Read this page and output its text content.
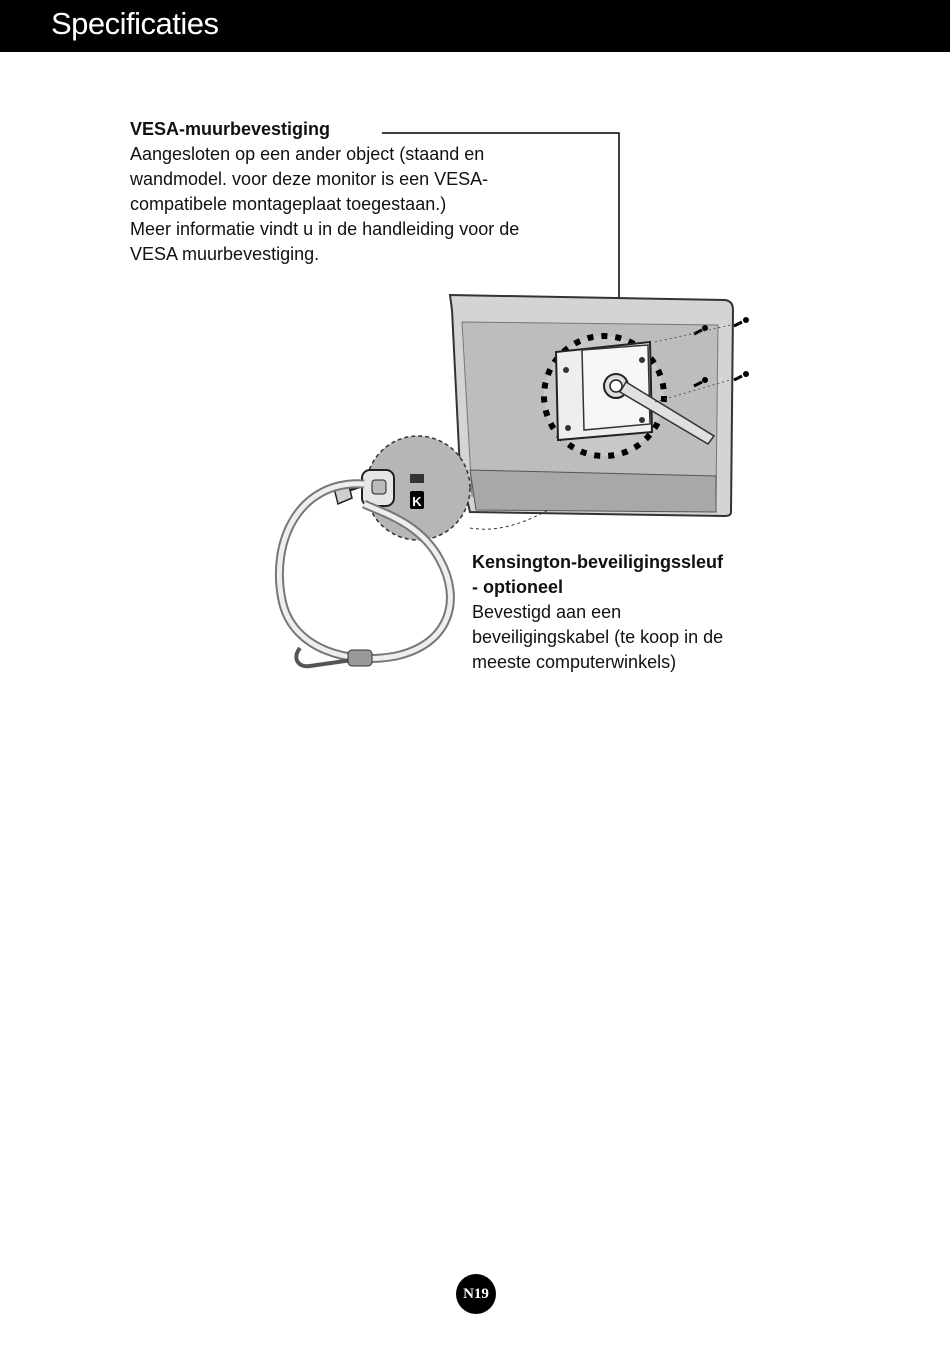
Specificaties
VESA-muurbevestiging
Aangesloten op een ander object (staand en
wandmodel. voor deze monitor is een VESA-
compatibele montageplaat toegestaan.)
Meer informatie vindt u in de handleiding voor de
VESA muurbevestiging.
K
Kensington-beveiligingssleuf
- optioneel
Bevestigd aan een
beveiligingskabel (te koop in de
meeste computerwinkels)
N19
